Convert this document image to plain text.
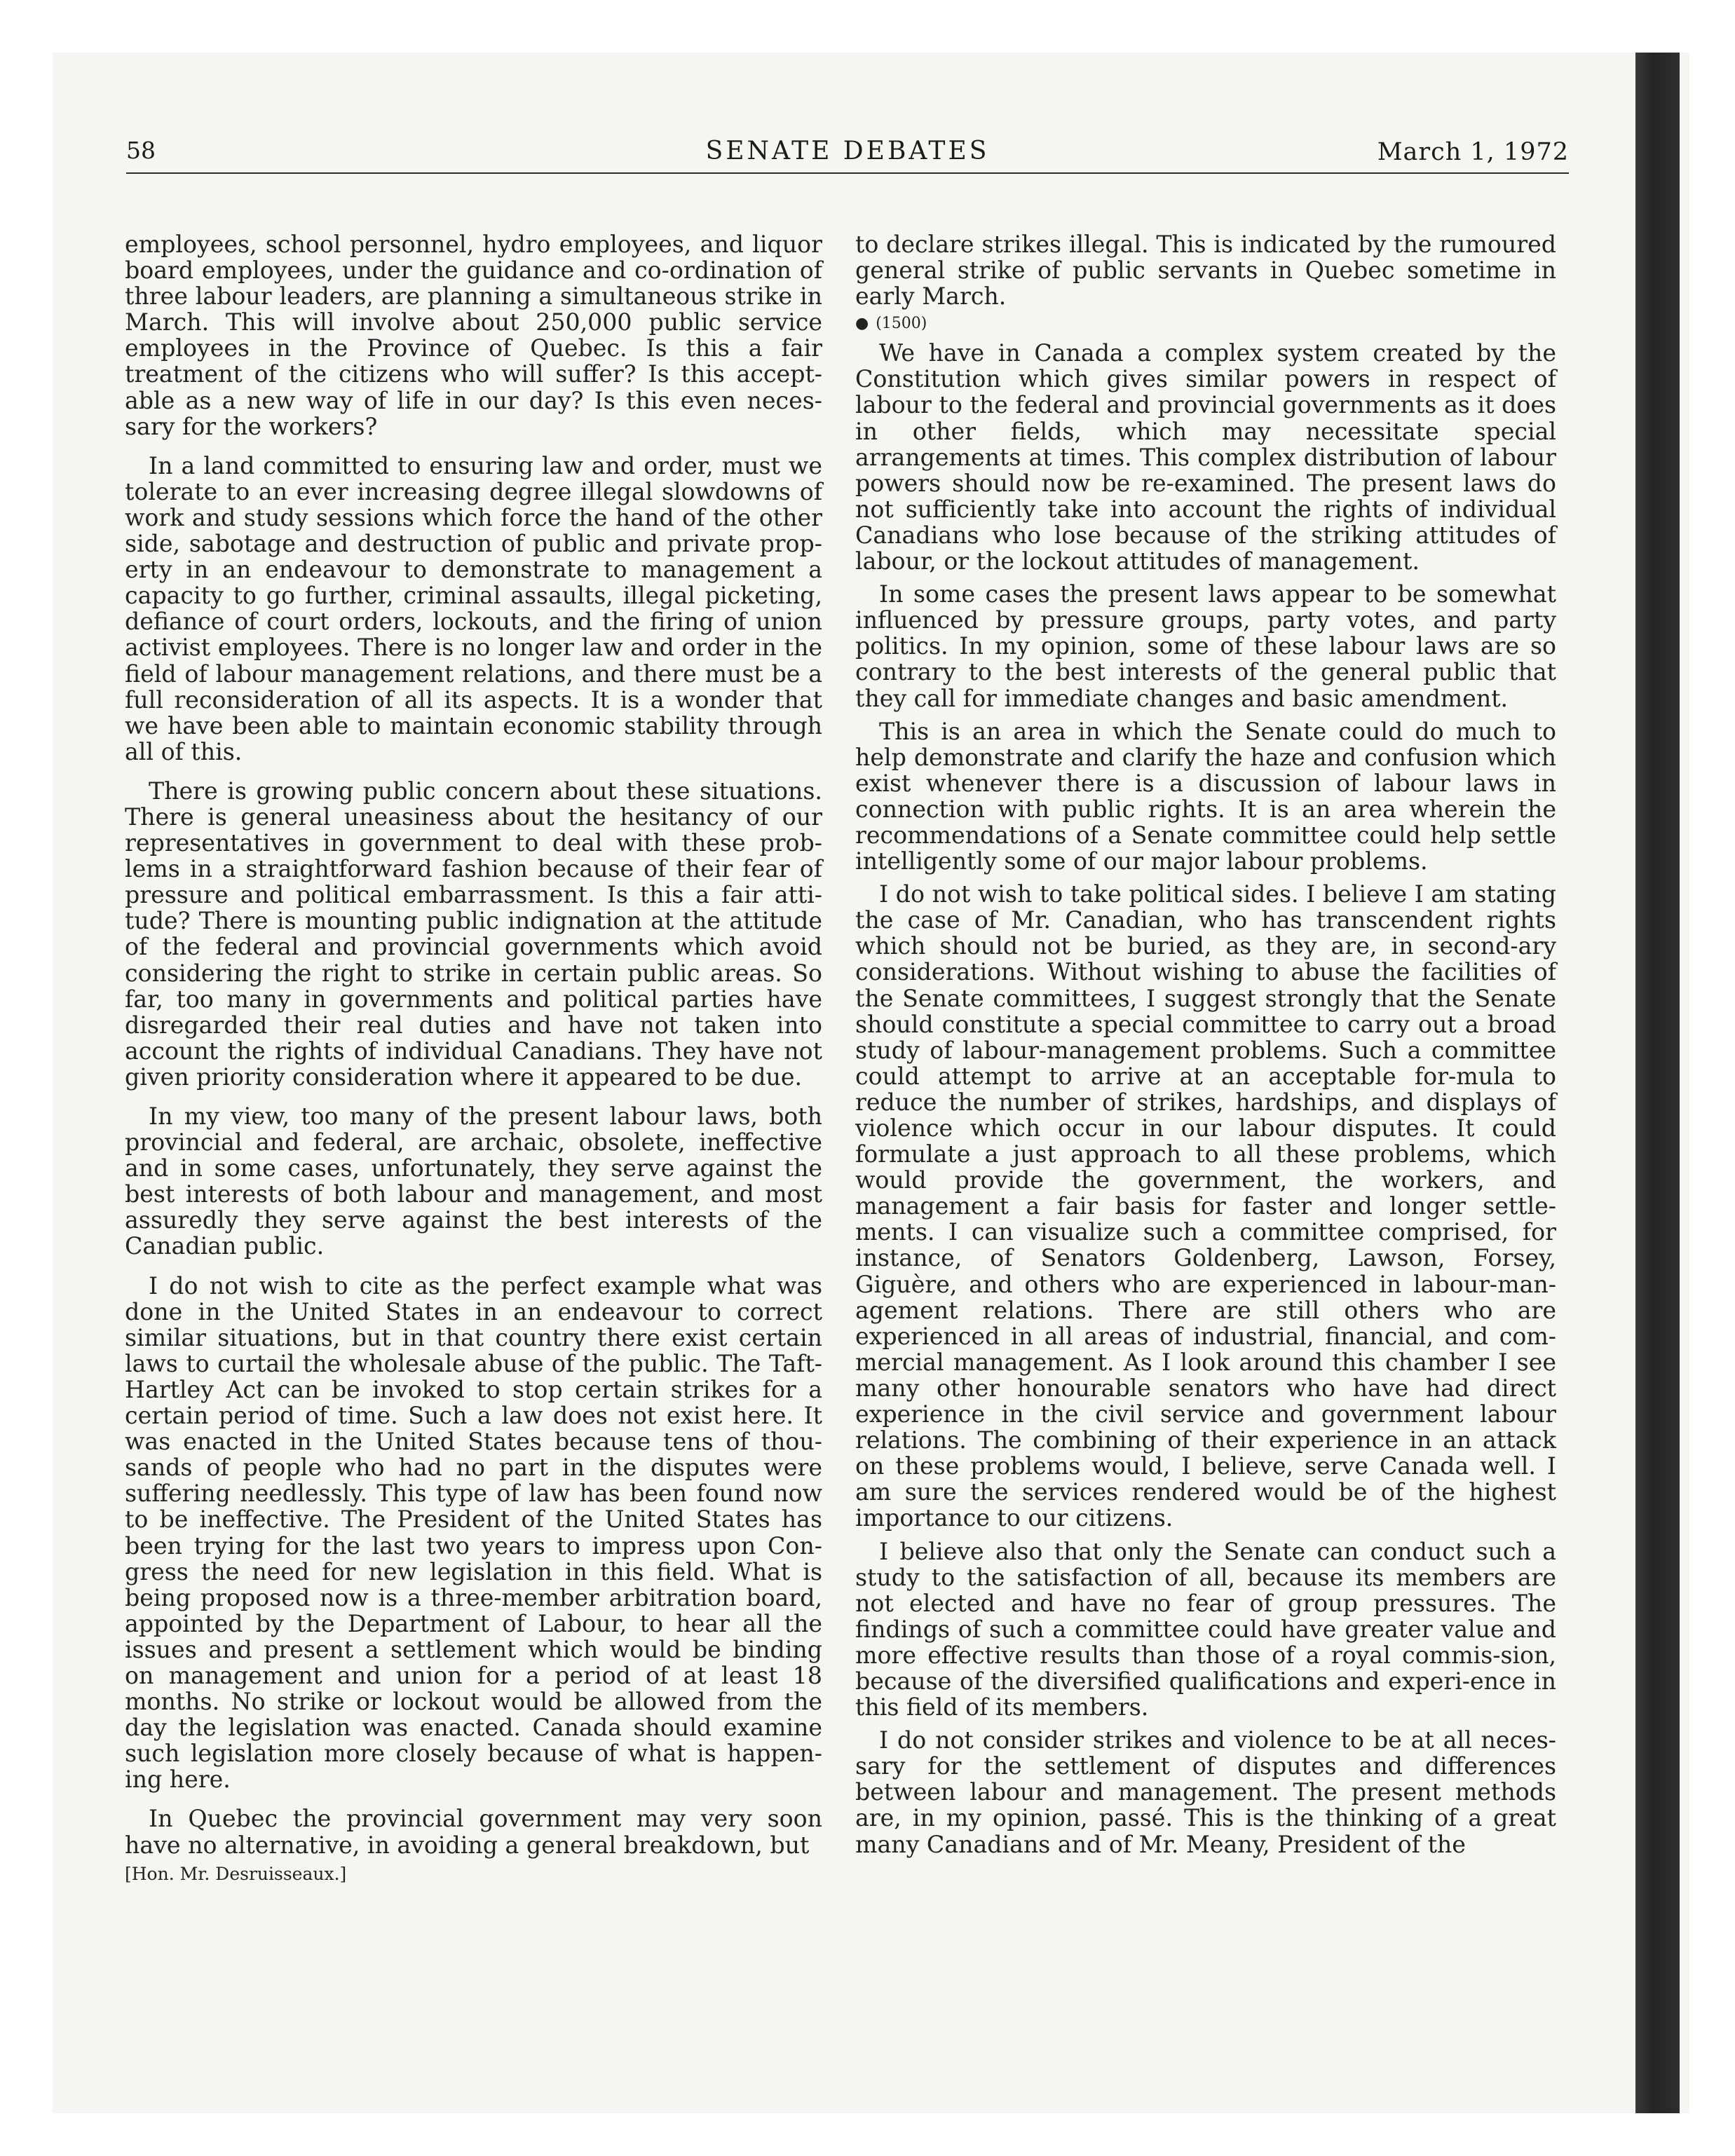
58	SENATE DEBATES	March 1, 1972

employees, school personnel, hydro employees, and liquor board employees, under the guidance and co-ordination of three labour leaders, are planning a simultaneous strike in March. This will involve about 250,000 public service employees in the Province of Quebec. Is this a fair treatment of the citizens who will suffer? Is this accept-able as a new way of life in our day? Is this even neces-sary for the workers?

In a land committed to ensuring law and order, must we tolerate to an ever increasing degree illegal slowdowns of work and study sessions which force the hand of the other side, sabotage and destruction of public and private prop-erty in an endeavour to demonstrate to management a capacity to go further, criminal assaults, illegal picketing, defiance of court orders, lockouts, and the firing of union activist employees. There is no longer law and order in the field of labour management relations, and there must be a full reconsideration of all its aspects. It is a wonder that we have been able to maintain economic stability through all of this.

There is growing public concern about these situations. There is general uneasiness about the hesitancy of our representatives in government to deal with these prob-lems in a straightforward fashion because of their fear of pressure and political embarrassment. Is this a fair atti-tude? There is mounting public indignation at the attitude of the federal and provincial governments which avoid considering the right to strike in certain public areas. So far, too many in governments and political parties have disregarded their real duties and have not taken into account the rights of individual Canadians. They have not given priority consideration where it appeared to be due.

In my view, too many of the present labour laws, both provincial and federal, are archaic, obsolete, ineffective and in some cases, unfortunately, they serve against the best interests of both labour and management, and most assuredly they serve against the best interests of the Canadian public.

I do not wish to cite as the perfect example what was done in the United States in an endeavour to correct similar situations, but in that country there exist certain laws to curtail the wholesale abuse of the public. The Taft-Hartley Act can be invoked to stop certain strikes for a certain period of time. Such a law does not exist here. It was enacted in the United States because tens of thou-sands of people who had no part in the disputes were suffering needlessly. This type of law has been found now to be ineffective. The President of the United States has been trying for the last two years to impress upon Con-gress the need for new legislation in this field. What is being proposed now is a three-member arbitration board, appointed by the Department of Labour, to hear all the issues and present a settlement which would be binding on management and union for a period of at least 18 months. No strike or lockout would be allowed from the day the legislation was enacted. Canada should examine such legislation more closely because of what is happen-ing here.

In Quebec the provincial government may very soon have no alternative, in avoiding a general breakdown, but

[Hon. Mr. Desruisseaux.]

to declare strikes illegal. This is indicated by the rumoured general strike of public servants in Quebec sometime in early March.

● (1500)

We have in Canada a complex system created by the Constitution which gives similar powers in respect of labour to the federal and provincial governments as it does in other fields, which may necessitate special arrangements at times. This complex distribution of labour powers should now be re-examined. The present laws do not sufficiently take into account the rights of individual Canadians who lose because of the striking attitudes of labour, or the lockout attitudes of management.

In some cases the present laws appear to be somewhat influenced by pressure groups, party votes, and party politics. In my opinion, some of these labour laws are so contrary to the best interests of the general public that they call for immediate changes and basic amendment.

This is an area in which the Senate could do much to help demonstrate and clarify the haze and confusion which exist whenever there is a discussion of labour laws in connection with public rights. It is an area wherein the recommendations of a Senate committee could help settle intelligently some of our major labour problems.

I do not wish to take political sides. I believe I am stating the case of Mr. Canadian, who has transcendent rights which should not be buried, as they are, in second-ary considerations. Without wishing to abuse the facilities of the Senate committees, I suggest strongly that the Senate should constitute a special committee to carry out a broad study of labour-management problems. Such a committee could attempt to arrive at an acceptable for-mula to reduce the number of strikes, hardships, and displays of violence which occur in our labour disputes. It could formulate a just approach to all these problems, which would provide the government, the workers, and management a fair basis for faster and longer settle-ments. I can visualize such a committee comprised, for instance, of Senators Goldenberg, Lawson, Forsey, Giguère, and others who are experienced in labour-man-agement relations. There are still others who are experienced in all areas of industrial, financial, and com-mercial management. As I look around this chamber I see many other honourable senators who have had direct experience in the civil service and government labour relations. The combining of their experience in an attack on these problems would, I believe, serve Canada well. I am sure the services rendered would be of the highest importance to our citizens.

I believe also that only the Senate can conduct such a study to the satisfaction of all, because its members are not elected and have no fear of group pressures. The findings of such a committee could have greater value and more effective results than those of a royal commis-sion, because of the diversified qualifications and experi-ence in this field of its members.

I do not consider strikes and violence to be at all neces-sary for the settlement of disputes and differences between labour and management. The present methods are, in my opinion, passé. This is the thinking of a great many Canadians and of Mr. Meany, President of the
